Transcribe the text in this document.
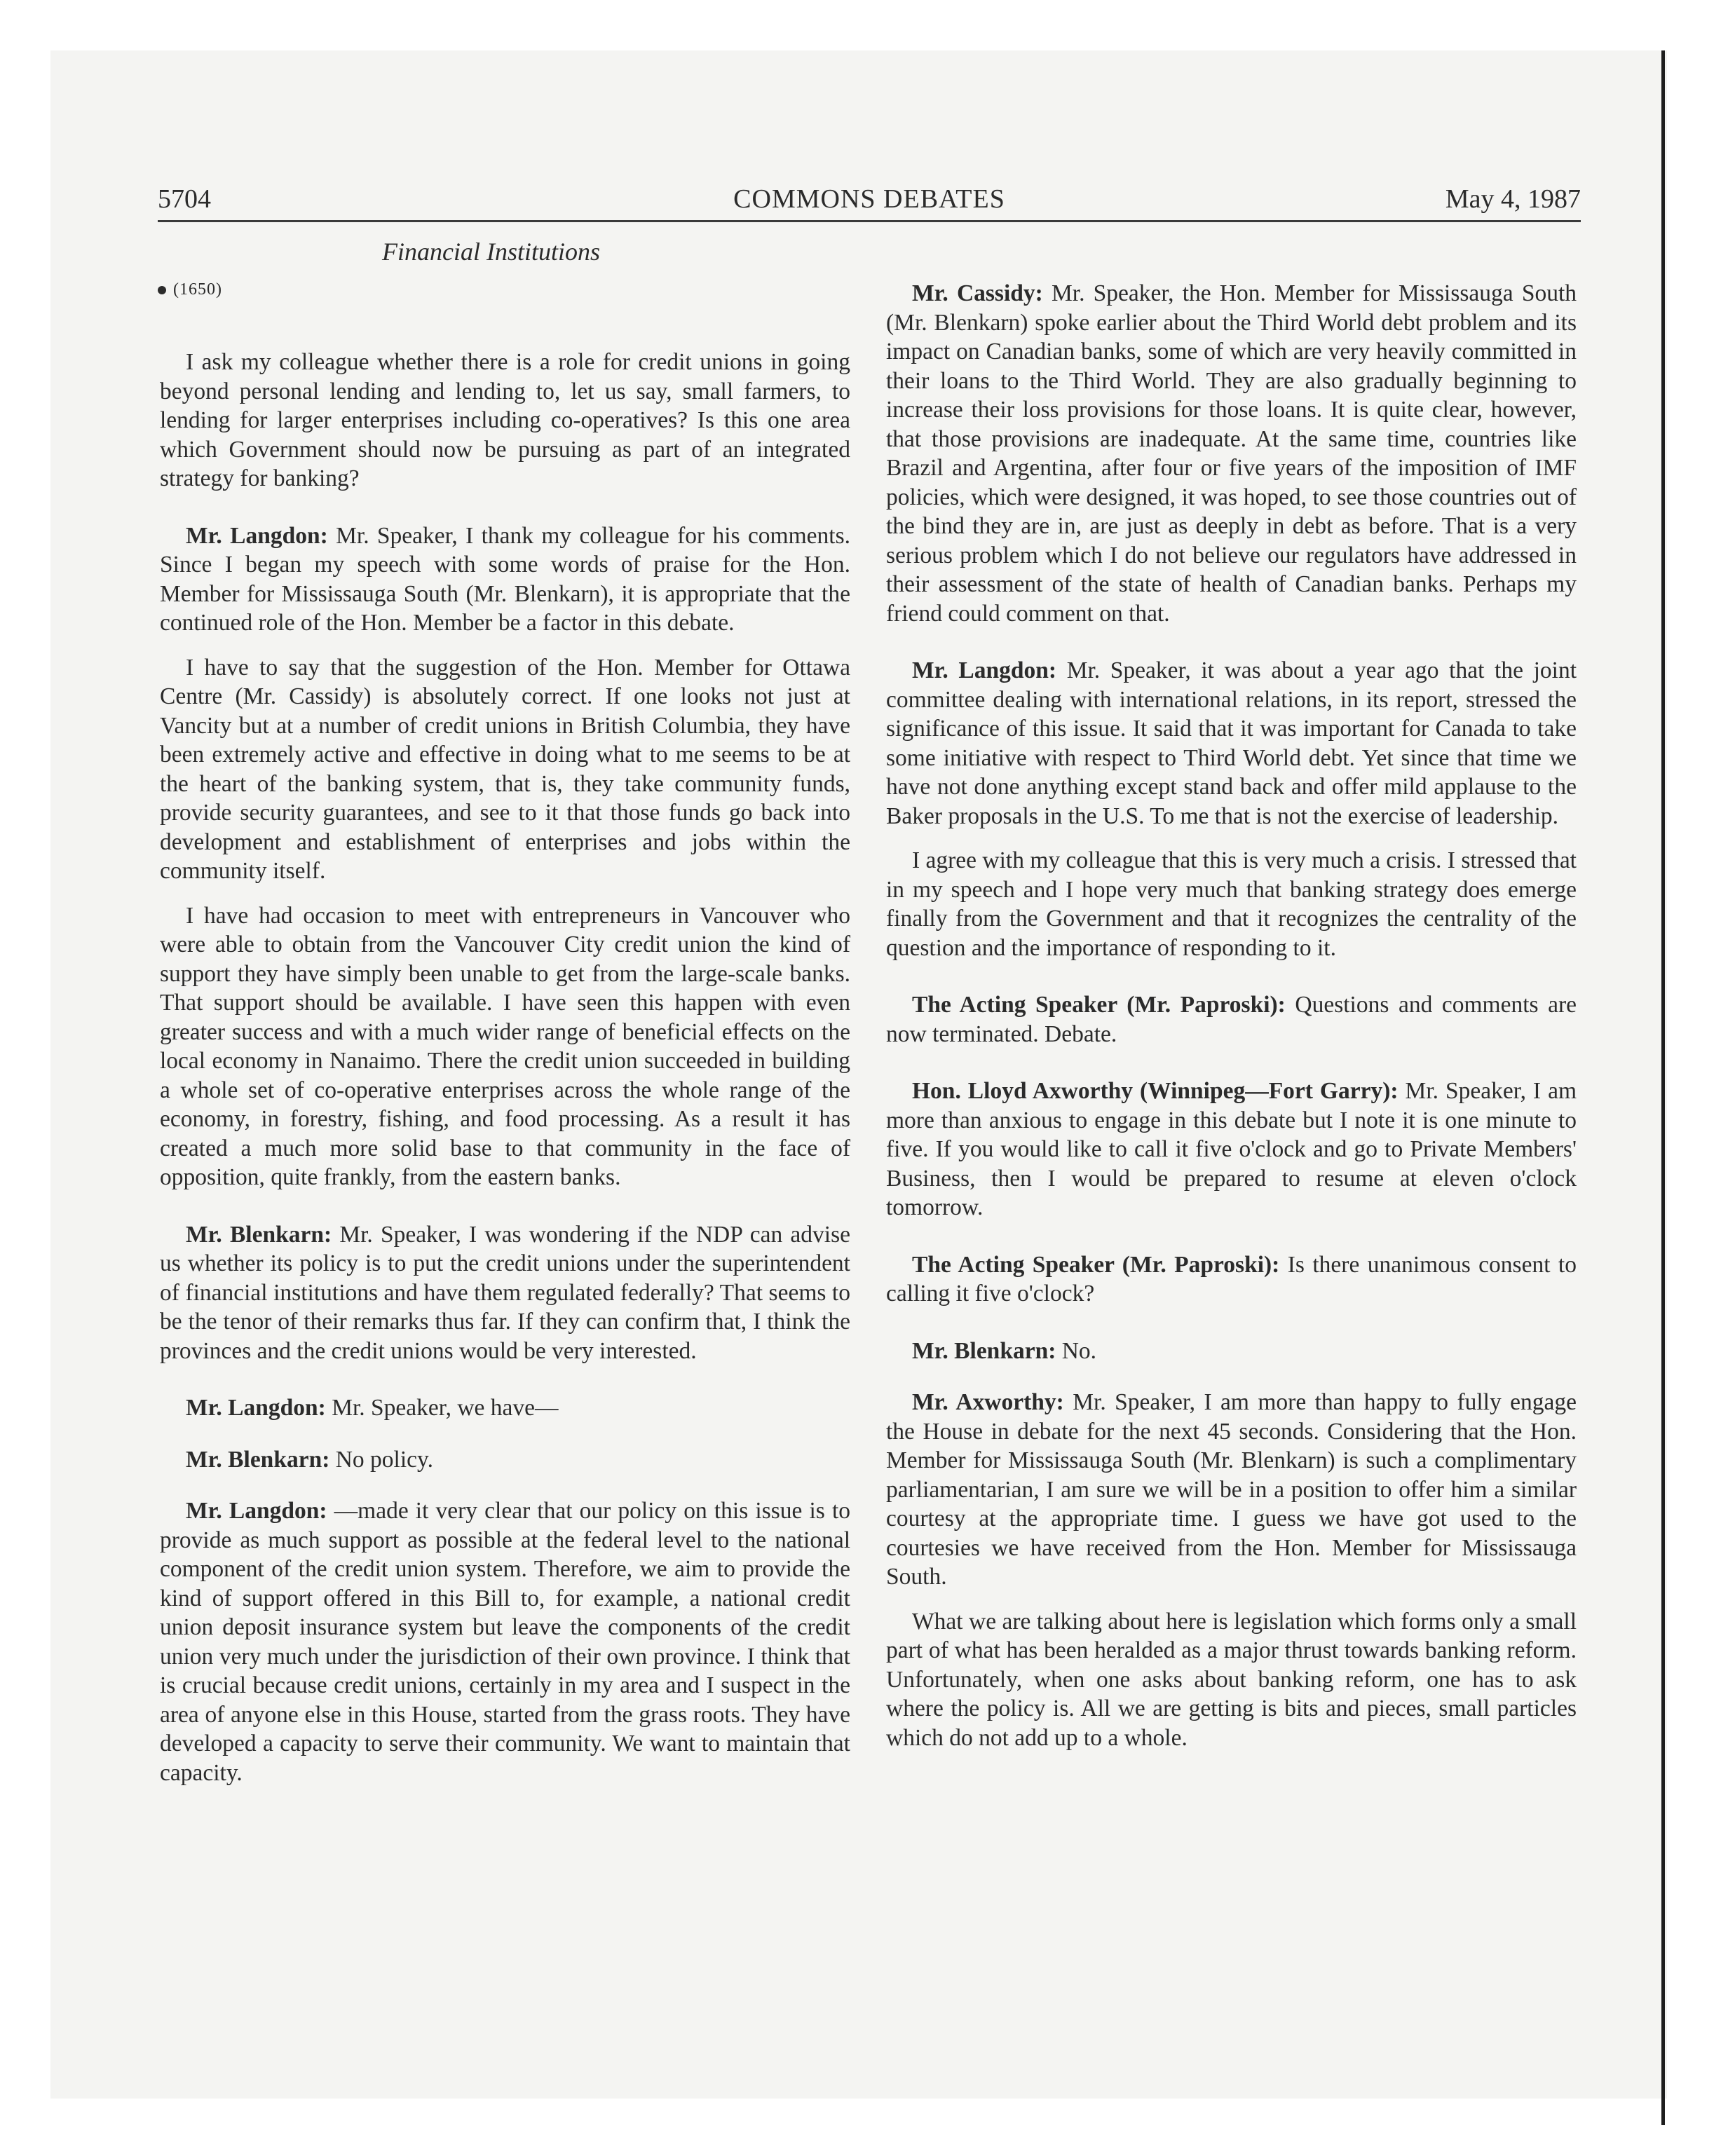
5704	COMMONS DEBATES	May 4, 1987
Financial Institutions
(1650)

I ask my colleague whether there is a role for credit unions in going beyond personal lending and lending to, let us say, small farmers, to lending for larger enterprises including co-operatives? Is this one area which Government should now be pursuing as part of an integrated strategy for banking?

Mr. Langdon: Mr. Speaker, I thank my colleague for his comments. Since I began my speech with some words of praise for the Hon. Member for Mississauga South (Mr. Blenkarn), it is appropriate that the continued role of the Hon. Member be a factor in this debate.

I have to say that the suggestion of the Hon. Member for Ottawa Centre (Mr. Cassidy) is absolutely correct. If one looks not just at Vancity but at a number of credit unions in British Columbia, they have been extremely active and effective in doing what to me seems to be at the heart of the banking system, that is, they take community funds, provide security guarantees, and see to it that those funds go back into development and establishment of enterprises and jobs within the community itself.

I have had occasion to meet with entrepreneurs in Vancouver who were able to obtain from the Vancouver City credit union the kind of support they have simply been unable to get from the large-scale banks. That support should be available. I have seen this happen with even greater success and with a much wider range of beneficial effects on the local economy in Nanaimo. There the credit union succeeded in building a whole set of co-operative enterprises across the whole range of the economy, in forestry, fishing, and food processing. As a result it has created a much more solid base to that community in the face of opposition, quite frankly, from the eastern banks.

Mr. Blenkarn: Mr. Speaker, I was wondering if the NDP can advise us whether its policy is to put the credit unions under the superintendent of financial institutions and have them regulated federally? That seems to be the tenor of their remarks thus far. If they can confirm that, I think the provinces and the credit unions would be very interested.

Mr. Langdon: Mr. Speaker, we have—

Mr. Blenkarn: No policy.

Mr. Langdon: —made it very clear that our policy on this issue is to provide as much support as possible at the federal level to the national component of the credit union system. Therefore, we aim to provide the kind of support offered in this Bill to, for example, a national credit union deposit insurance system but leave the components of the credit union very much under the jurisdiction of their own province. I think that is crucial because credit unions, certainly in my area and I suspect in the area of anyone else in this House, started from the grass roots. They have developed a capacity to serve their community. We want to maintain that capacity.

Mr. Cassidy: Mr. Speaker, the Hon. Member for Mississauga South (Mr. Blenkarn) spoke earlier about the Third World debt problem and its impact on Canadian banks, some of which are very heavily committed in their loans to the Third World. They are also gradually beginning to increase their loss provisions for those loans. It is quite clear, however, that those provisions are inadequate. At the same time, countries like Brazil and Argentina, after four or five years of the imposition of IMF policies, which were designed, it was hoped, to see those countries out of the bind they are in, are just as deeply in debt as before. That is a very serious problem which I do not believe our regulators have addressed in their assessment of the state of health of Canadian banks. Perhaps my friend could comment on that.

Mr. Langdon: Mr. Speaker, it was about a year ago that the joint committee dealing with international relations, in its report, stressed the significance of this issue. It said that it was important for Canada to take some initiative with respect to Third World debt. Yet since that time we have not done anything except stand back and offer mild applause to the Baker proposals in the U.S. To me that is not the exercise of leadership.

I agree with my colleague that this is very much a crisis. I stressed that in my speech and I hope very much that banking strategy does emerge finally from the Government and that it recognizes the centrality of the question and the importance of responding to it.

The Acting Speaker (Mr. Paproski): Questions and comments are now terminated. Debate.

Hon. Lloyd Axworthy (Winnipeg—Fort Garry): Mr. Speaker, I am more than anxious to engage in this debate but I note it is one minute to five. If you would like to call it five o'clock and go to Private Members' Business, then I would be prepared to resume at eleven o'clock tomorrow.

The Acting Speaker (Mr. Paproski): Is there unanimous consent to calling it five o'clock?

Mr. Blenkarn: No.

Mr. Axworthy: Mr. Speaker, I am more than happy to fully engage the House in debate for the next 45 seconds. Considering that the Hon. Member for Mississauga South (Mr. Blenkarn) is such a complimentary parliamentarian, I am sure we will be in a position to offer him a similar courtesy at the appropriate time. I guess we have got used to the courtesies we have received from the Hon. Member for Mississauga South.

What we are talking about here is legislation which forms only a small part of what has been heralded as a major thrust towards banking reform. Unfortunately, when one asks about banking reform, one has to ask where the policy is. All we are getting is bits and pieces, small particles which do not add up to a whole.
